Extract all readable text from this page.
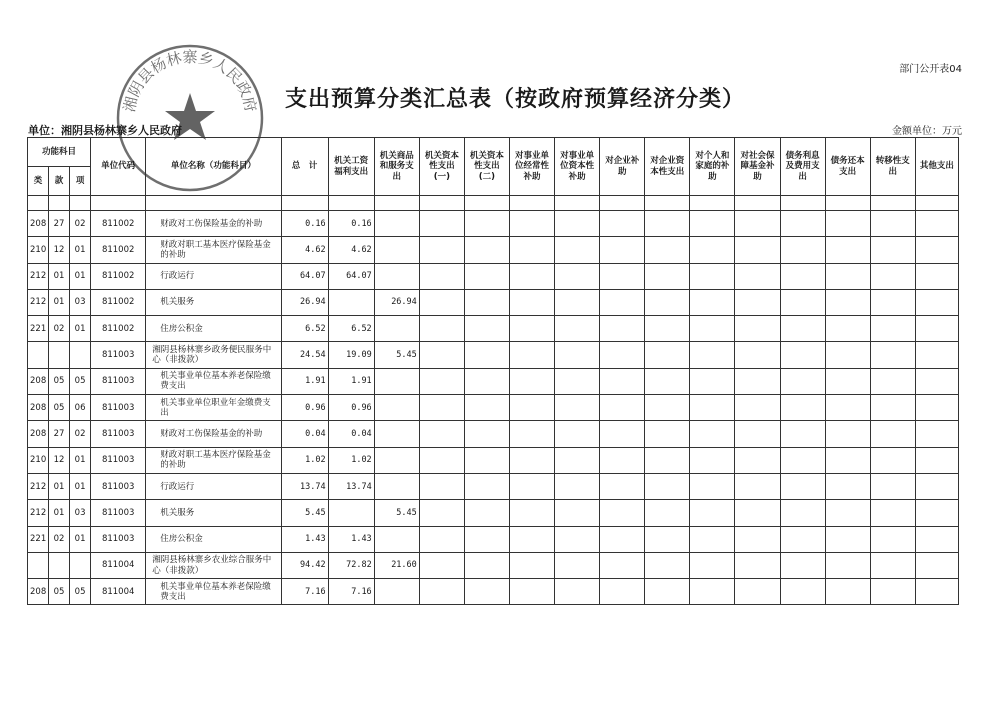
部门公开表04
湘阴县杨林寨乡人民政府	支出预算分类汇总表（按政府预算经济分类）
单位：湘阴县杨林寨乡人民政府	金额单位：万元
功能科目			单位代码	单位名称（功能科目）	总　计	机关工资福利支出	机关商品和服务支出	机关资本性支出(一)	机关资本性支出(二)	对事业单位经常性补助	对事业单位资本性补助	对企业补助	对企业资本性支出	对个人和家庭的补助	对社会保障基金补助	债务利息及费用支出	债务还本支出	转移性支出	其他支出
类	款	项																	

208	27	02	811002	财政对工伤保险基金的补助	0.16	0.16													
210	12	01	811002	财政对职工基本医疗保险基金的补助	4.62	4.62													
212	01	01	811002	行政运行	64.07	64.07													
212	01	03	811002	机关服务	26.94		26.94												
221	02	01	811002	住房公积金	6.52	6.52													
			811003	湘阴县杨林寨乡政务便民服务中心（非拨款）	24.54	19.09	5.45												
208	05	05	811003	机关事业单位基本养老保险缴费支出	1.91	1.91													
208	05	06	811003	机关事业单位职业年金缴费支出	0.96	0.96													
208	27	02	811003	财政对工伤保险基金的补助	0.04	0.04													
210	12	01	811003	财政对职工基本医疗保险基金的补助	1.02	1.02													
212	01	01	811003	行政运行	13.74	13.74													
212	01	03	811003	机关服务	5.45		5.45												
221	02	01	811003	住房公积金	1.43	1.43													
			811004	湘阴县杨林寨乡农业综合服务中心（非拨款）	94.42	72.82	21.60												
208	05	05	811004	机关事业单位基本养老保险缴费支出	7.16	7.16													
